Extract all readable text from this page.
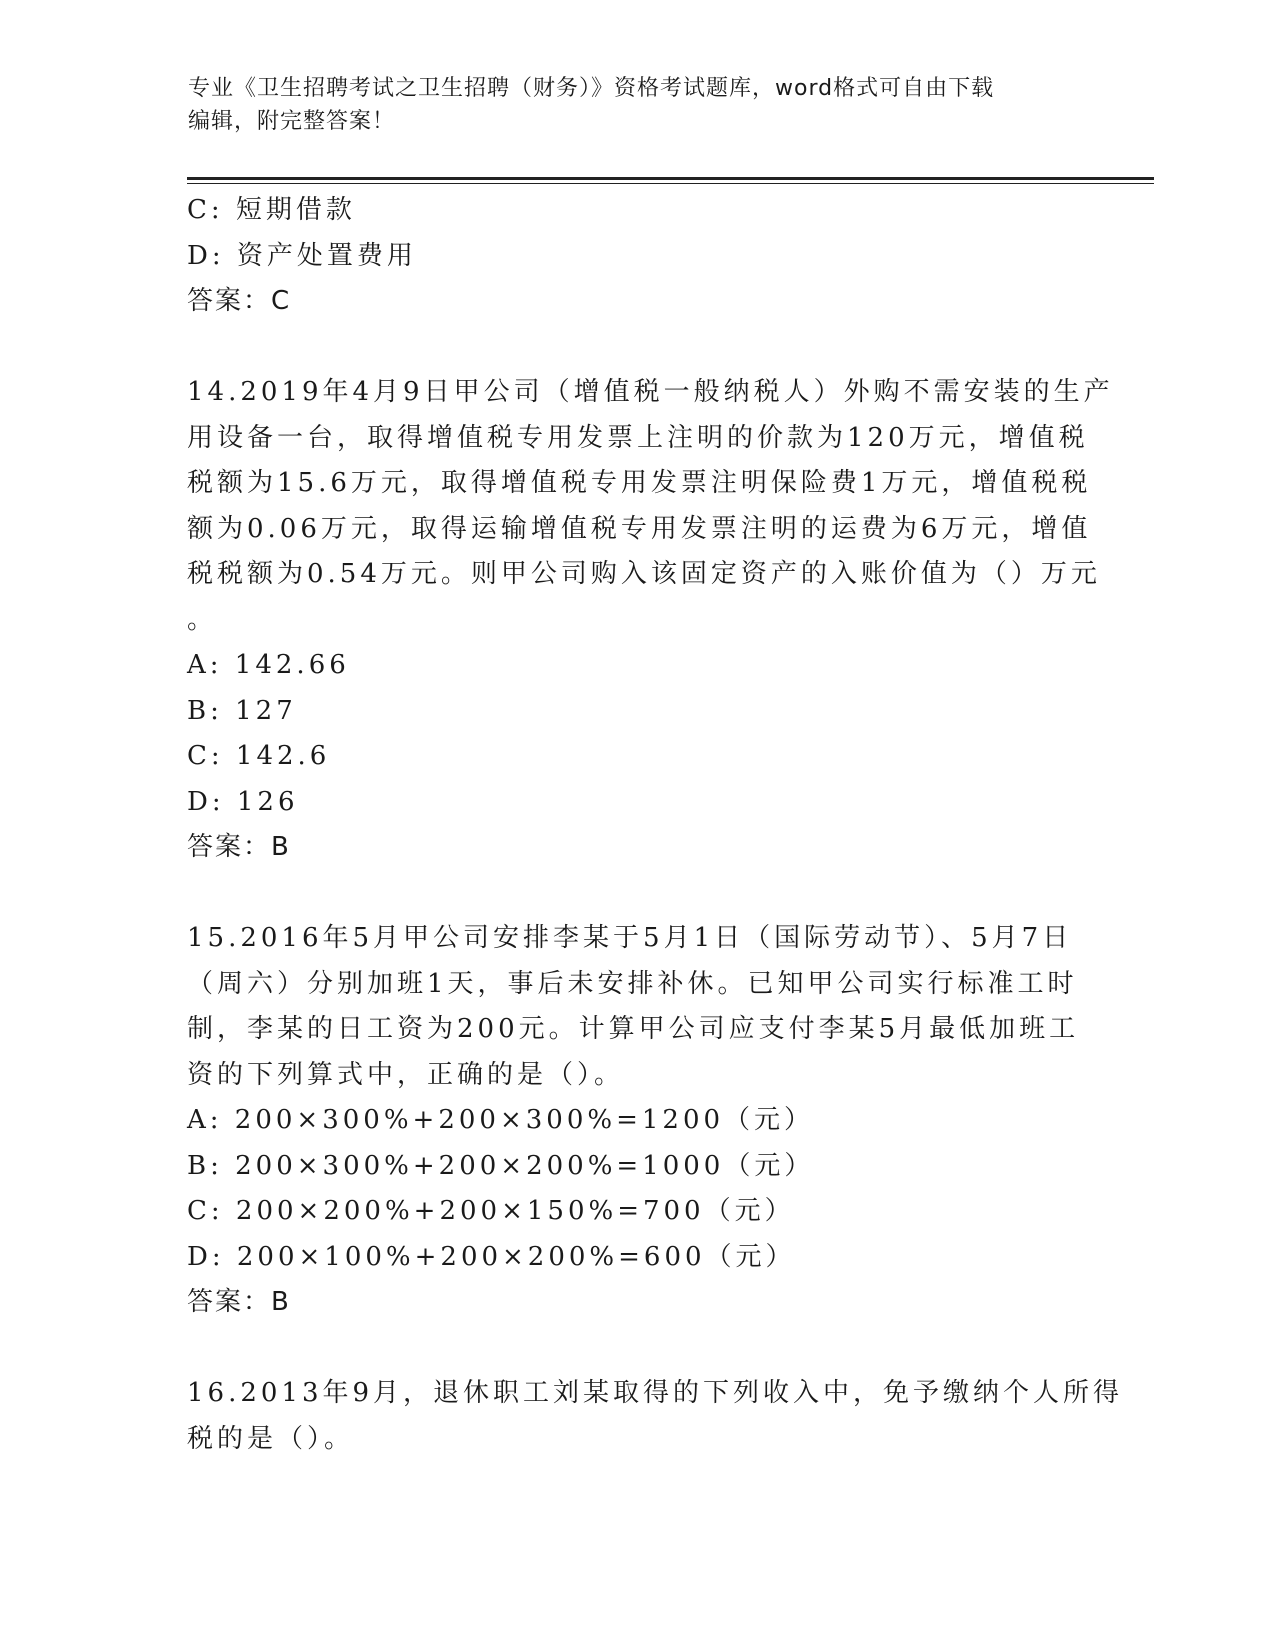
专业《卫生招聘考试之卫生招聘（财务）》资格考试题库，word格式可自由下载
编辑，附完整答案！
C: 短期借款
D: 资产处置费用
答案：C
14.2019年4月9日甲公司（增值税一般纳税人）外购不需安装的生产
用设备一台，取得增值税专用发票上注明的价款为120万元，增值税
税额为15.6万元，取得增值税专用发票注明保险费1万元，增值税税
额为0.06万元，取得运输增值税专用发票注明的运费为6万元，增值
税税额为0.54万元。则甲公司购入该固定资产的入账价值为（）万元
。
A: 142.66
B: 127
C: 142.6
D: 126
答案：B
15.2016年5月甲公司安排李某于5月1日（国际劳动节）、5月7日
（周六）分别加班1天，事后未安排补休。已知甲公司实行标准工时
制，李某的日工资为200元。计算甲公司应支付李某5月最低加班工
资的下列算式中，正确的是（）。
A: 200×300%+200×300%=1200（元）
B: 200×300%+200×200%=1000（元）
C: 200×200%+200×150%=700（元）
D: 200×100%+200×200%=600（元）
答案：B
16.2013年9月，退休职工刘某取得的下列收入中，免予缴纳个人所得
税的是（）。
